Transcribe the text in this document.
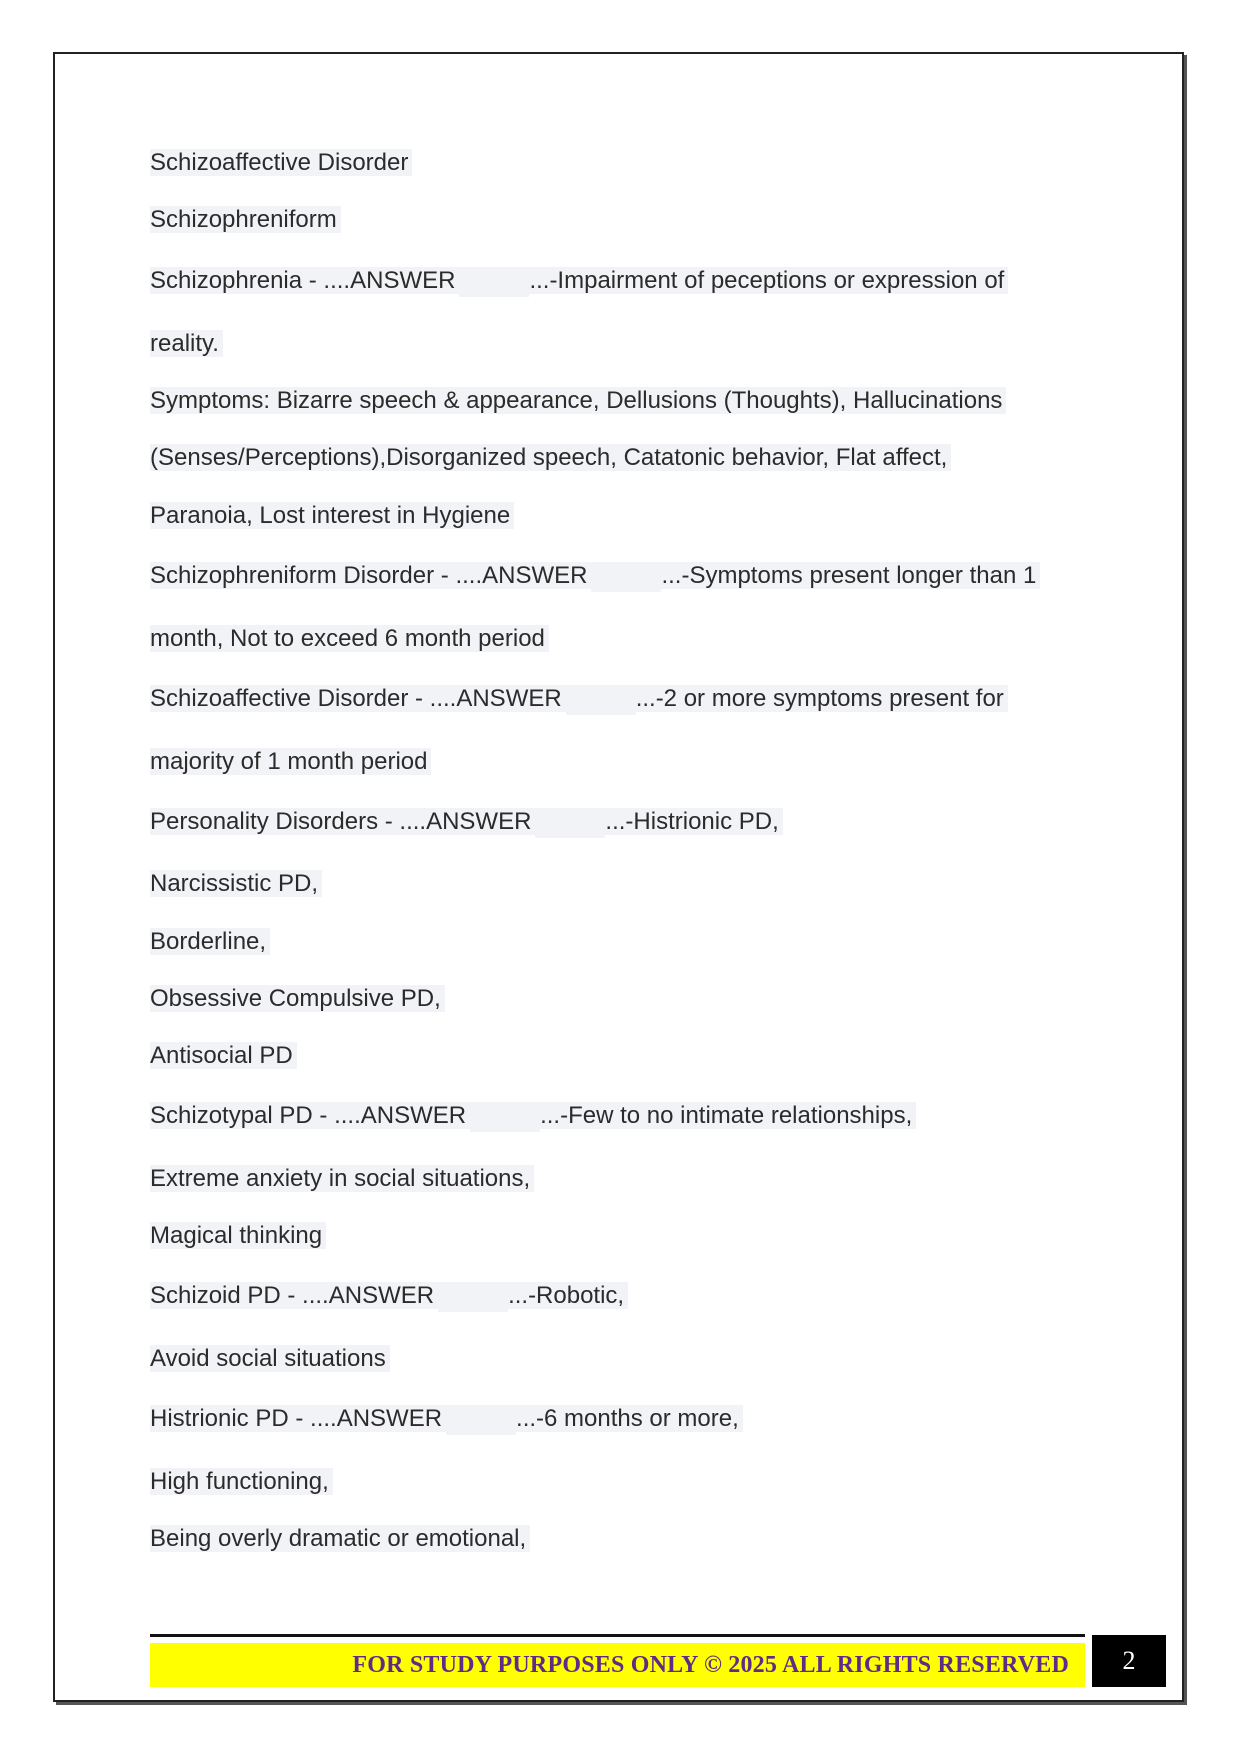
Schizoaffective Disorder
Schizophreniform
Schizophrenia - ....ANSWER	...-Impairment of peceptions or expression of
reality.
Symptoms: Bizarre speech & appearance, Dellusions (Thoughts), Hallucinations
(Senses/Perceptions),Disorganized speech, Catatonic behavior, Flat affect,
Paranoia, Lost interest in Hygiene
Schizophreniform Disorder - ....ANSWER	...-Symptoms present longer than 1
month, Not to exceed 6 month period
Schizoaffective Disorder - ....ANSWER	...-2 or more symptoms present for
majority of 1 month period
Personality Disorders - ....ANSWER	...-Histrionic PD,
Narcissistic PD,
Borderline,
Obsessive Compulsive PD,
Antisocial PD
Schizotypal PD - ....ANSWER	...-Few to no intimate relationships,
Extreme anxiety in social situations,
Magical thinking
Schizoid PD - ....ANSWER	...-Robotic,
Avoid social situations
Histrionic PD - ....ANSWER	...-6 months or more,
High functioning,
Being overly dramatic or emotional,
FOR STUDY PURPOSES ONLY © 2025 ALL RIGHTS RESERVED	2
